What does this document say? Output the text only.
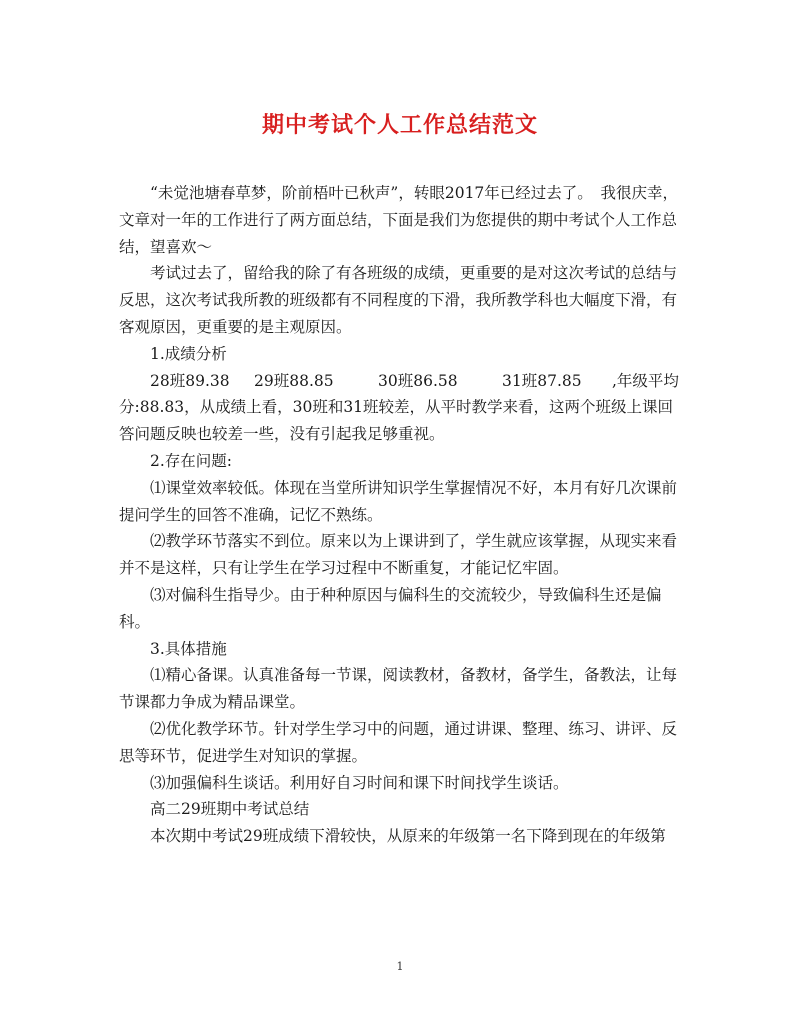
期中考试个人工作总结范文

“未觉池塘春草梦，阶前梧叶已秋声”，转眼2017年已经过去了。　我很庆幸，文章对一年的工作进行了两方面总结，下面是我们为您提供的期中考试个人工作总结，望喜欢～

考试过去了，留给我的除了有各班级的成绩，更重要的是对这次考试的总结与反思，这次考试我所教的班级都有不同程度的下滑，我所教学科也大幅度下滑，有客观原因，更重要的是主观原因。

1.成绩分析

28班89.38 29班88.85	30班86.58	31班87.85 ,年级平均分:88.83，从成绩上看，30班和31班较差，从平时教学来看，这两个班级上课回答问题反映也较差一些，没有引起我足够重视。

2.存在问题:

⑴课堂效率较低。体现在当堂所讲知识学生掌握情况不好，本月有好几次课前提问学生的回答不准确，记忆不熟练。

⑵教学环节落实不到位。原来以为上课讲到了，学生就应该掌握，从现实来看并不是这样，只有让学生在学习过程中不断重复，才能记忆牢固。

⑶对偏科生指导少。由于种种原因与偏科生的交流较少，导致偏科生还是偏科。

3.具体措施

⑴精心备课。认真准备每一节课，阅读教材，备教材，备学生，备教法，让每节课都力争成为精品课堂。

⑵优化教学环节。针对学生学习中的问题，通过讲课、整理、练习、讲评、反思等环节，促进学生对知识的掌握。

⑶加强偏科生谈话。利用好自习时间和课下时间找学生谈话。

高二29班期中考试总结

本次期中考试29班成绩下滑较快，从原来的年级第一名下降到现在的年级第

1
